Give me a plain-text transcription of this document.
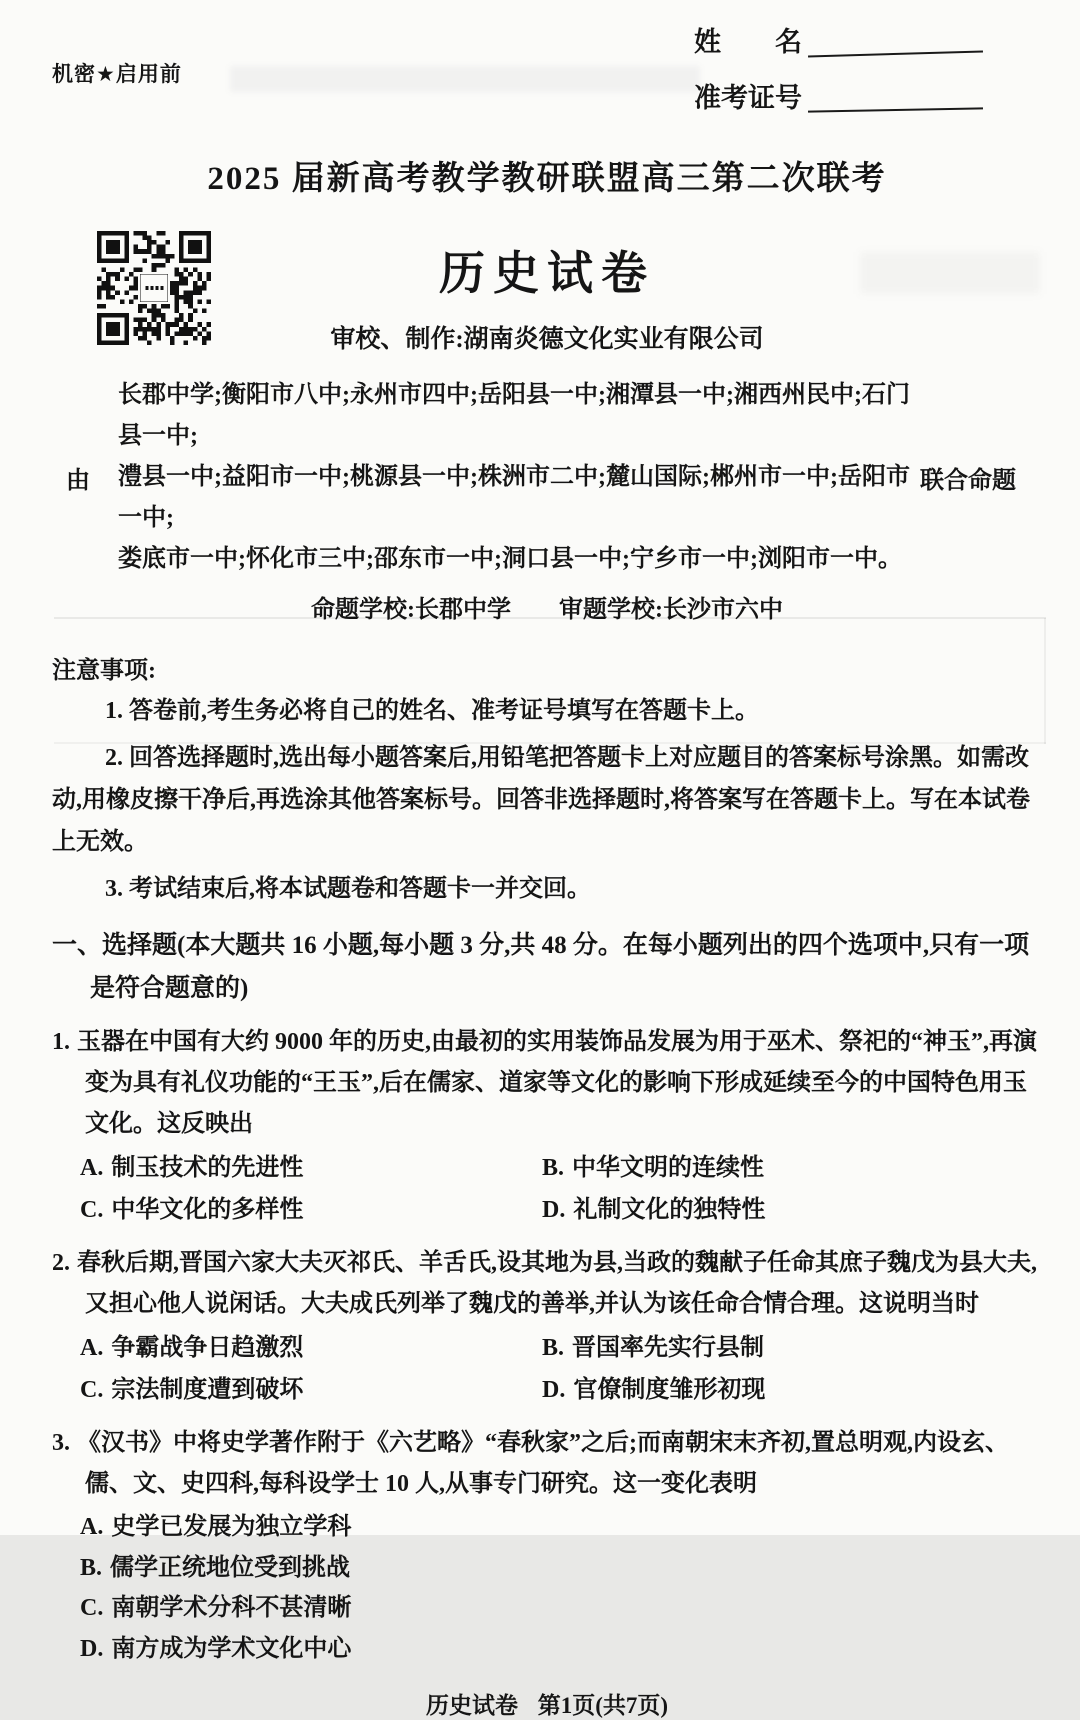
机密★启用前
姓　　名
准考证号
2025 届新高考教学教研联盟高三第二次联考
历史试卷
审校、制作:湖南炎德文化实业有限公司
由

长郡中学;衡阳市八中;永州市四中;岳阳县一中;湘潭县一中;湘西州民中;石门县一中;

澧县一中;益阳市一中;桃源县一中;株洲市二中;麓山国际;郴州市一中;岳阳市一中;

娄底市一中;怀化市三中;邵东市一中;洞口县一中;宁乡市一中;浏阳市一中。

联合命题
命题学校:长郡中学 审题学校:长沙市六中
注意事项:

1. 答卷前,考生务必将自己的姓名、准考证号填写在答题卡上。

2. 回答选择题时,选出每小题答案后,用铅笔把答题卡上对应题目的答案标号涂黑。如需改动,用橡皮擦干净后,再选涂其他答案标号。回答非选择题时,将答案写在答题卡上。写在本试卷上无效。

3. 考试结束后,将本试题卷和答题卡一并交回。

一、选择题(本大题共 16 小题,每小题 3 分,共 48 分。在每小题列出的四个选项中,只有一项是符合题意的)

1. 玉器在中国有大约 9000 年的历史,由最初的实用装饰品发展为用于巫术、祭祀的“神玉”,再演变为具有礼仪功能的“王玉”,后在儒家、道家等文化的影响下形成延续至今的中国特色用玉文化。这反映出

A. 制玉技术的先进性	B. 中华文明的连续性
C. 中华文化的多样性	D. 礼制文化的独特性

2. 春秋后期,晋国六家大夫灭祁氏、羊舌氏,设其地为县,当政的魏献子任命其庶子魏戊为县大夫,又担心他人说闲话。大夫成氏列举了魏戊的善举,并认为该任命合情合理。这说明当时

A. 争霸战争日趋激烈	B. 晋国率先实行县制
C. 宗法制度遭到破坏	D. 官僚制度雏形初现

3. 《汉书》中将史学著作附于《六艺略》“春秋家”之后;而南朝宋末齐初,置总明观,内设玄、儒、文、史四科,每科设学士 10 人,从事专门研究。这一变化表明

A. 史学已发展为独立学科
B. 儒学正统地位受到挑战
C. 南朝学术分科不甚清晰
D. 南方成为学术文化中心
历史试卷 第1页(共7页)
